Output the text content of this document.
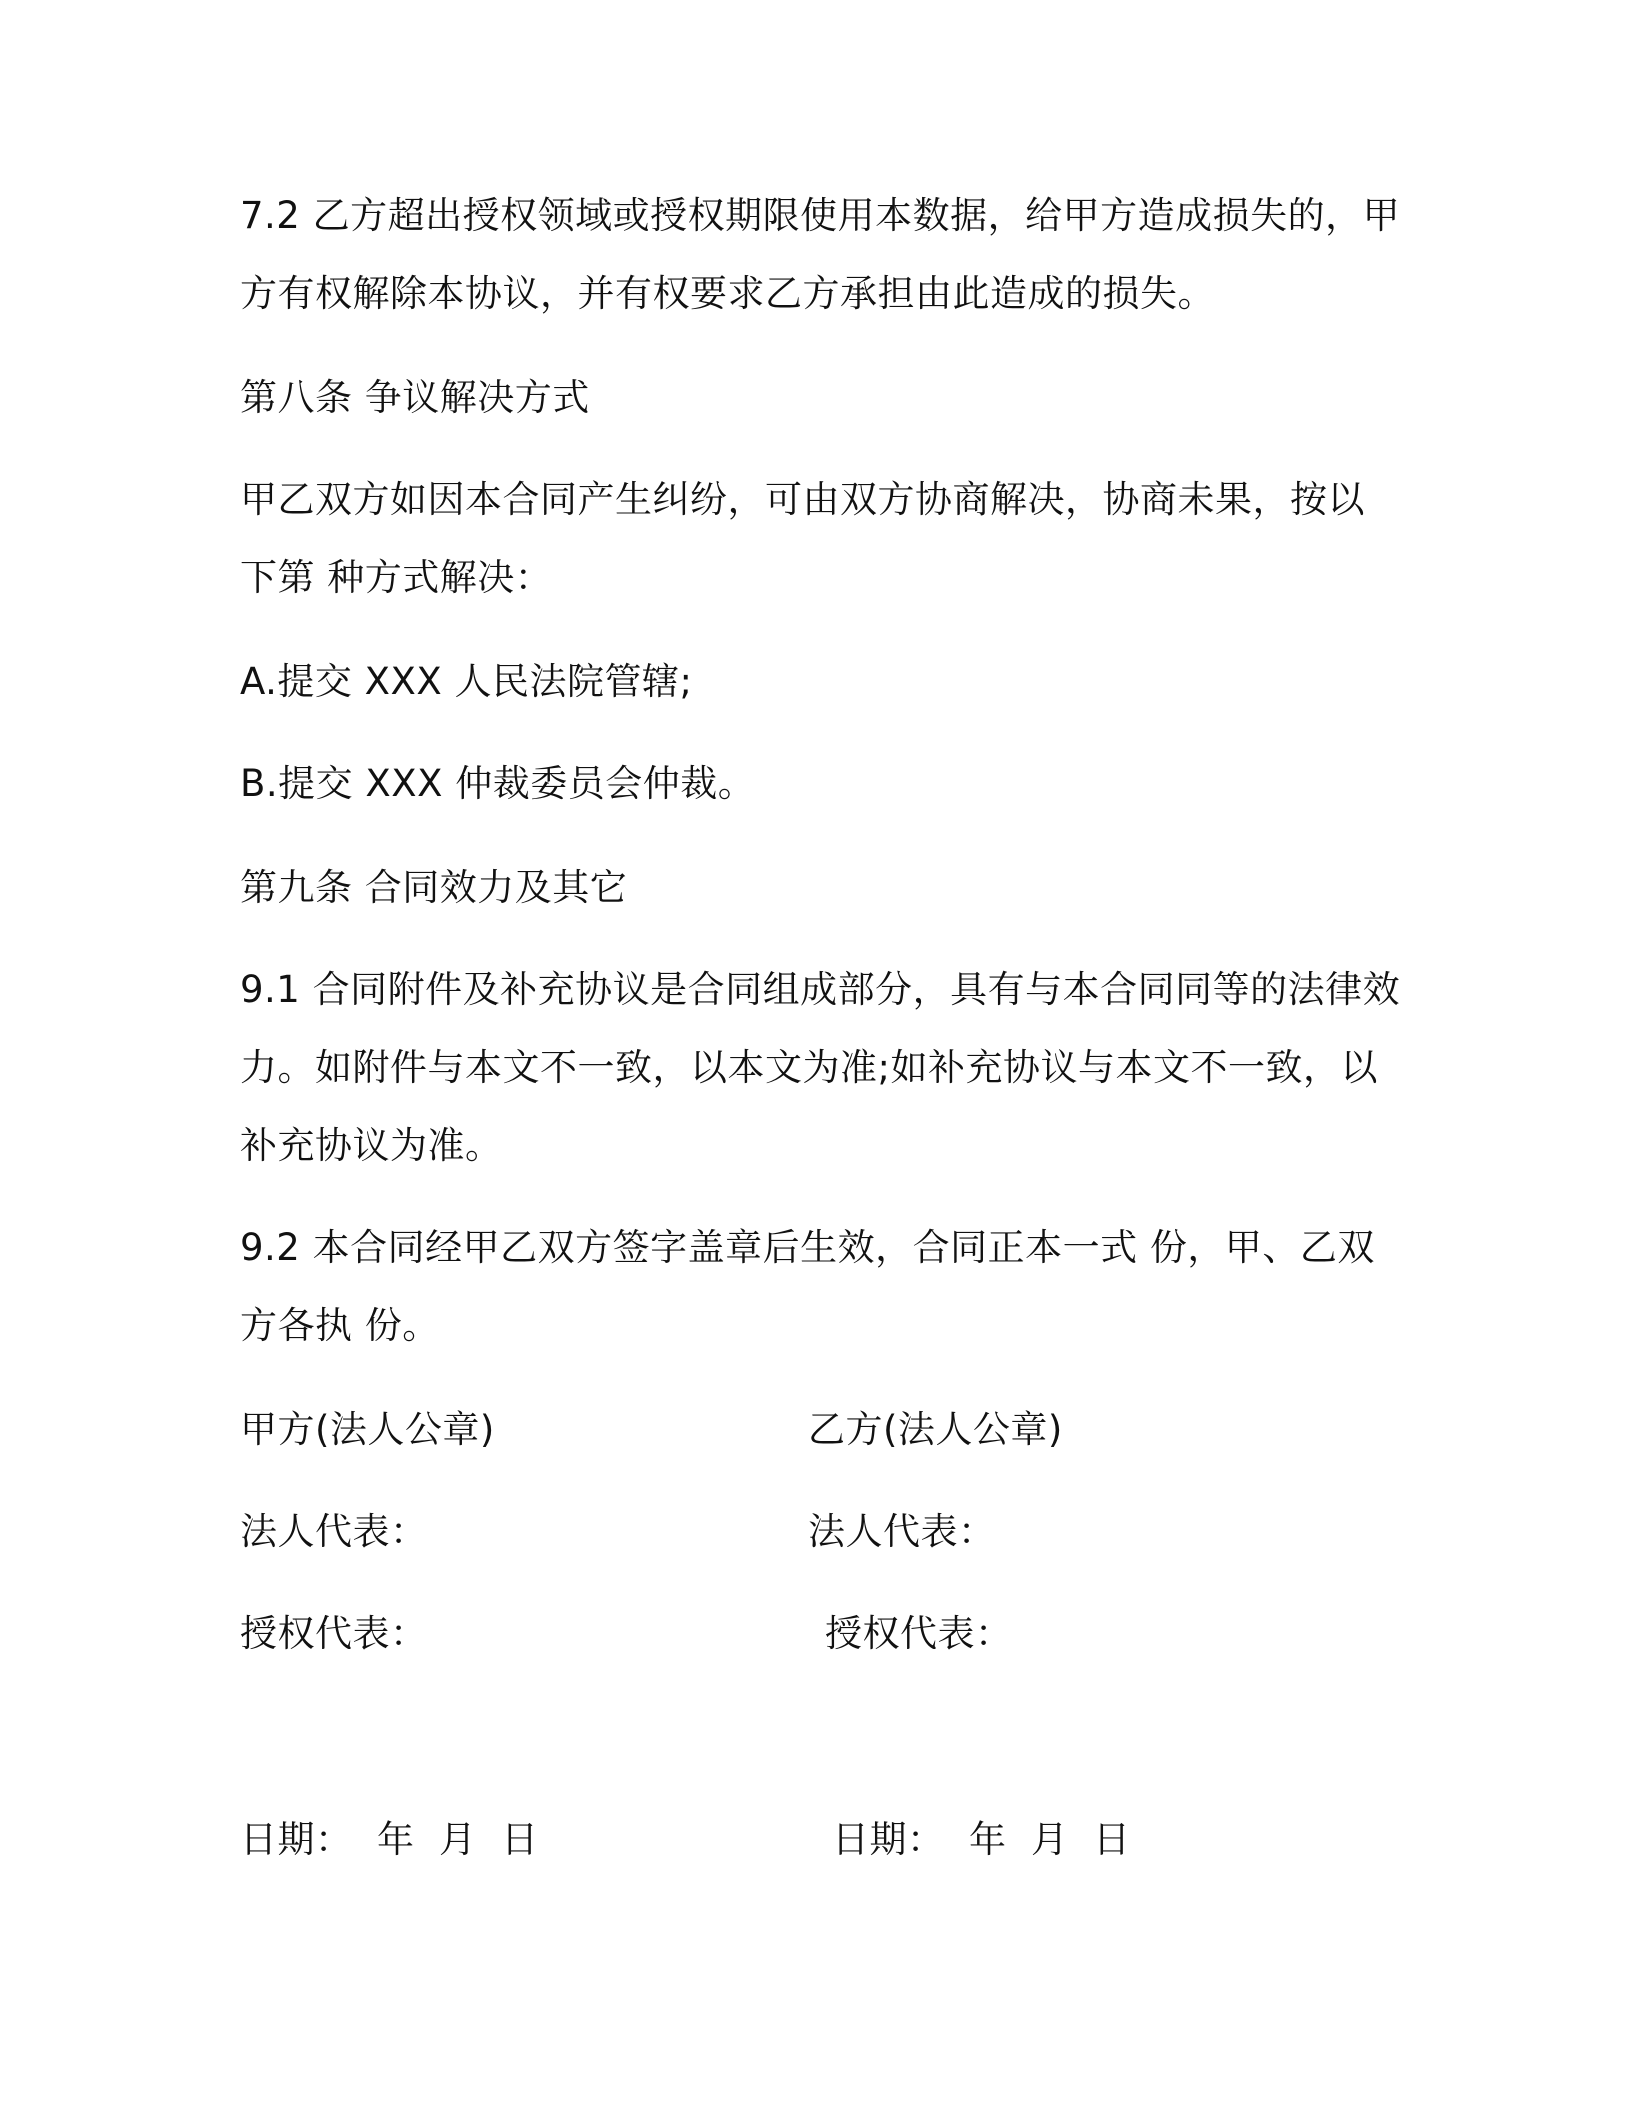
7.2 乙方超出授权领域或授权期限使用本数据，给甲方造成损失的，甲
方有权解除本协议，并有权要求乙方承担由此造成的损失。
第八条 争议解决方式
甲乙双方如因本合同产生纠纷，可由双方协商解决，协商未果，按以
下第 种方式解决：
A.提交 XXX 人民法院管辖;
B.提交 XXX 仲裁委员会仲裁。
第九条 合同效力及其它
9.1 合同附件及补充协议是合同组成部分，具有与本合同同等的法律效
力。如附件与本文不一致，以本文为准;如补充协议与本文不一致，以
补充协议为准。
9.2 本合同经甲乙双方签字盖章后生效，合同正本一式 份，甲、乙双
方各执 份。
甲方(法人公章)	乙方(法人公章)
法人代表：	法人代表：
授权代表：	授权代表：
日期：  年  月  日	日期：  年  月  日
